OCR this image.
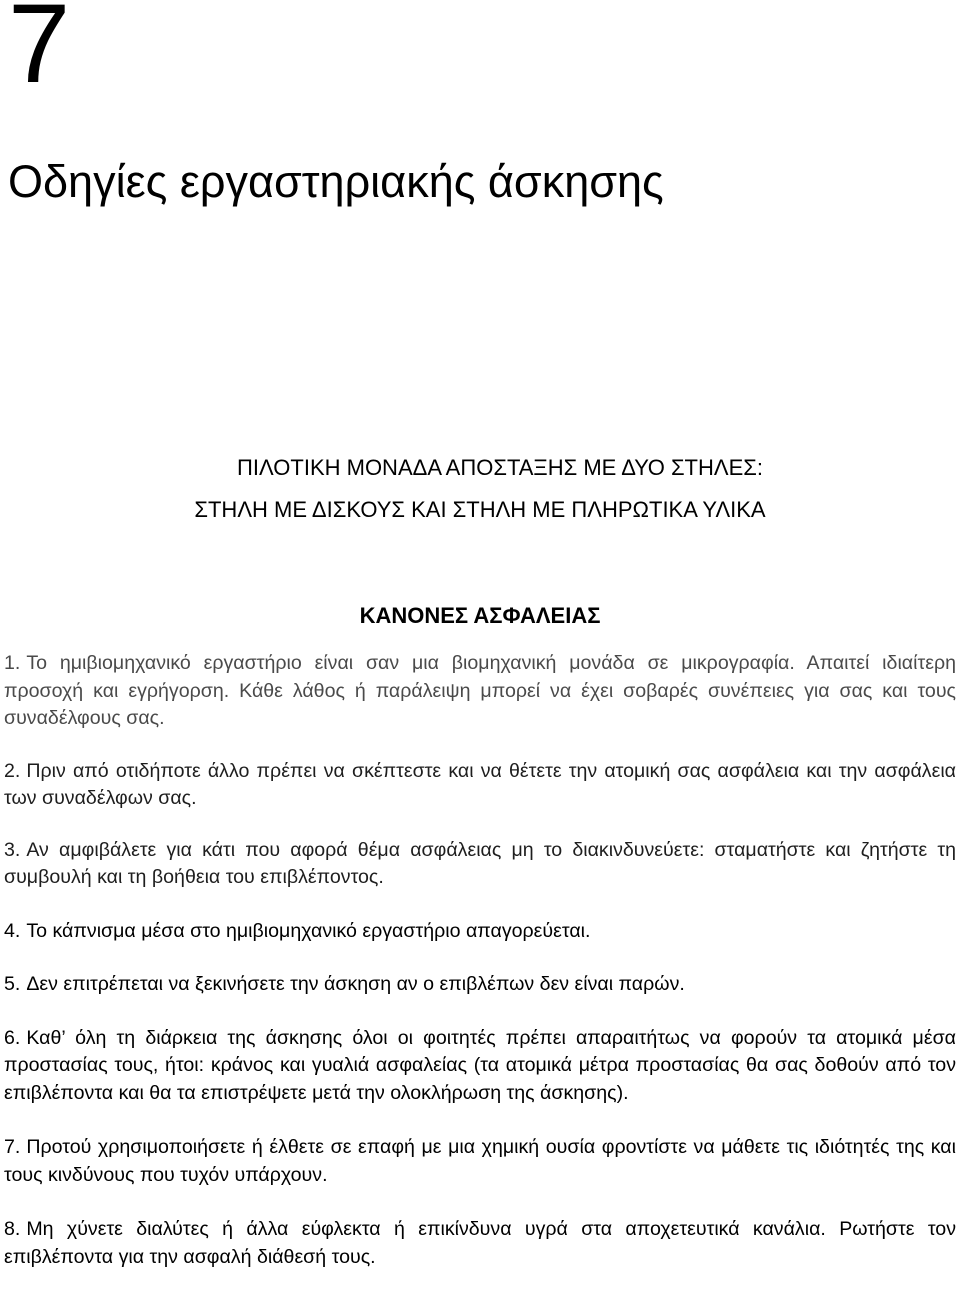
7
Οδηγίες εργαστηριακής άσκησης

ΠΙΛΟΤΙΚΗ ΜΟΝΑΔΑ ΑΠΟΣΤΑΞΗΣ ΜΕ ΔΥΟ ΣΤΗΛΕΣ:

ΣΤΗΛΗ ΜΕ ΔΙΣΚΟΥΣ ΚΑΙ ΣΤΗΛΗ ΜΕ ΠΛΗΡΩΤΙΚΑ ΥΛΙΚΑ

ΚΑΝΟΝΕΣ ΑΣΦΑΛΕΙΑΣ

1. Το ημιβιομηχανικό εργαστήριο είναι σαν μια βιομηχανική μονάδα σε μικρογραφία. Απαιτεί ιδιαίτερη προσοχή και εγρήγορση. Κάθε λάθος ή παράλειψη μπορεί να έχει σοβαρές συνέπειες για σας και τους συναδέλφους σας.

2. Πριν από οτιδήποτε άλλο πρέπει να σκέπτεστε και να θέτετε την ατομική σας ασφάλεια και την ασφάλεια των συναδέλφων σας.

3. Αν αμφιβάλετε για κάτι που αφορά θέμα ασφάλειας μη το διακινδυνεύετε: σταματήστε και ζητήστε τη συμβουλή και τη βοήθεια του επιβλέποντος.

4. Το κάπνισμα μέσα στο ημιβιομηχανικό εργαστήριο απαγορεύεται.

5. Δεν επιτρέπεται να ξεκινήσετε την άσκηση αν ο επιβλέπων δεν είναι παρών.

6. Καθ’ όλη τη διάρκεια της άσκησης όλοι οι φοιτητές πρέπει απαραιτήτως να φορούν τα ατομικά μέσα προστασίας τους, ήτοι: κράνος και γυαλιά ασφαλείας (τα ατομικά μέτρα προστασίας θα σας δοθούν από τον επιβλέποντα και θα τα επιστρέψετε μετά την ολοκλήρωση της άσκησης).

7. Προτού χρησιμοποιήσετε ή έλθετε σε επαφή με μια χημική ουσία φροντίστε να μάθετε τις ιδιότητές της και τους κινδύνους που τυχόν υπάρχουν.

8. Μη χύνετε διαλύτες ή άλλα εύφλεκτα ή επικίνδυνα υγρά στα αποχετευτικά κανάλια. Ρωτήστε τον επιβλέποντα για την ασφαλή διάθεσή τους.
